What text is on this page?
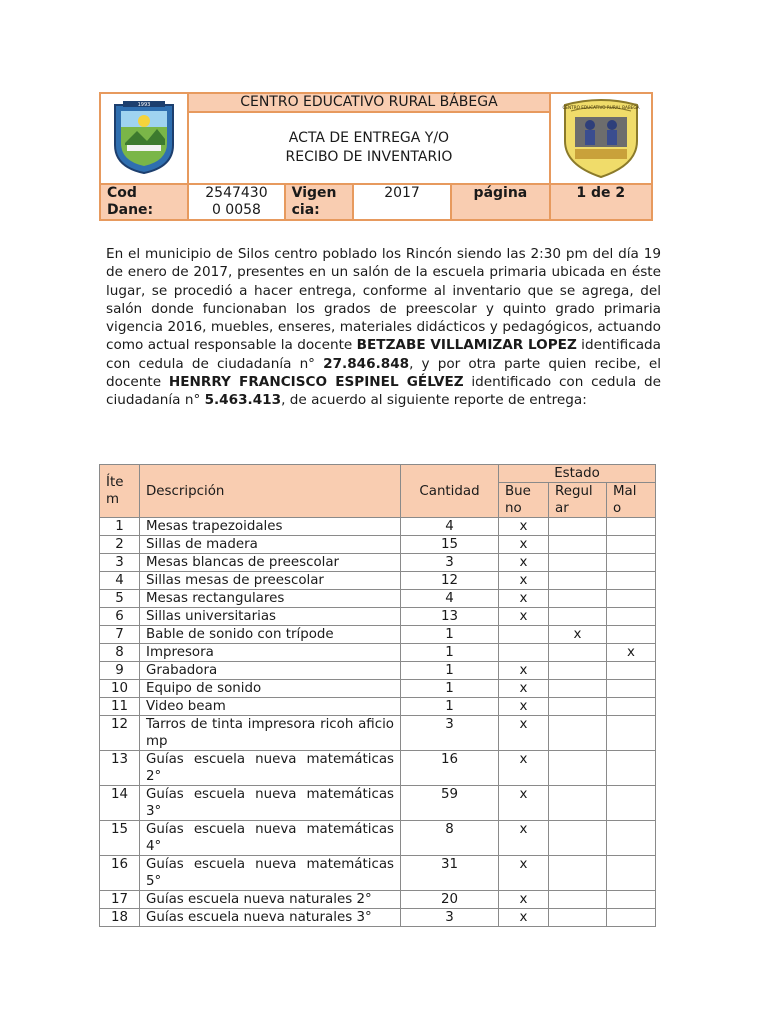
1993	CENTRO EDUCATIVO RURAL BÁBEGA				CENTRO EDUCATIVO RURAL BABEGA

	ACTA DE ENTREGA Y/O RECIBO DE INVENTARIO				

Cod Dane:	25474300 0058	Vigencia:	2017	página	1 de 2
En el municipio de Silos centro poblado los Rincón siendo las 2:30 pm del día 19 de enero de 2017, presentes en un salón de la escuela primaria ubicada en éste lugar, se procedió a hacer entrega, conforme al inventario que se agrega, del salón donde funcionaban los grados de preescolar y quinto grado primaria vigencia 2016, muebles, enseres, materiales didácticos y pedagógicos, actuando como actual responsable la docente BETZABE VILLAMIZAR LOPEZ identificada con cedula de ciudadanía n° 27.846.848, y por otra parte quien recibe, el docente HENRRY FRANCISCO ESPINEL GÉLVEZ identificado con cedula de ciudadanía n° 5.463.413, de acuerdo al siguiente reporte de entrega:
Ítem	Descripción	Cantidad	Estado		

			Bueno	Regular	Malo

1	Mesas trapezoidales	4	x		
2	Sillas de madera	15	x		
3	Mesas blancas de preescolar	3	x		
4	Sillas mesas de preescolar	12	x		
5	Mesas rectangulares	4	x		
6	Sillas universitarias	13	x		
7	Bable de sonido con trípode	1		x	
8	Impresora	1			x
9	Grabadora	1	x		
10	Equipo de sonido	1	x		
11	Video beam	1	x		
12	Tarros de tinta impresora ricoh aficio mp	3	x		
13	Guías escuela nueva matemáticas 2°	16	x		
14	Guías escuela nueva matemáticas 3°	59	x		
15	Guías escuela nueva matemáticas 4°	8	x		
16	Guías escuela nueva matemáticas 5°	31	x		
17	Guías escuela nueva naturales 2°	20	x		
18	Guías escuela nueva naturales 3°	3	x		
